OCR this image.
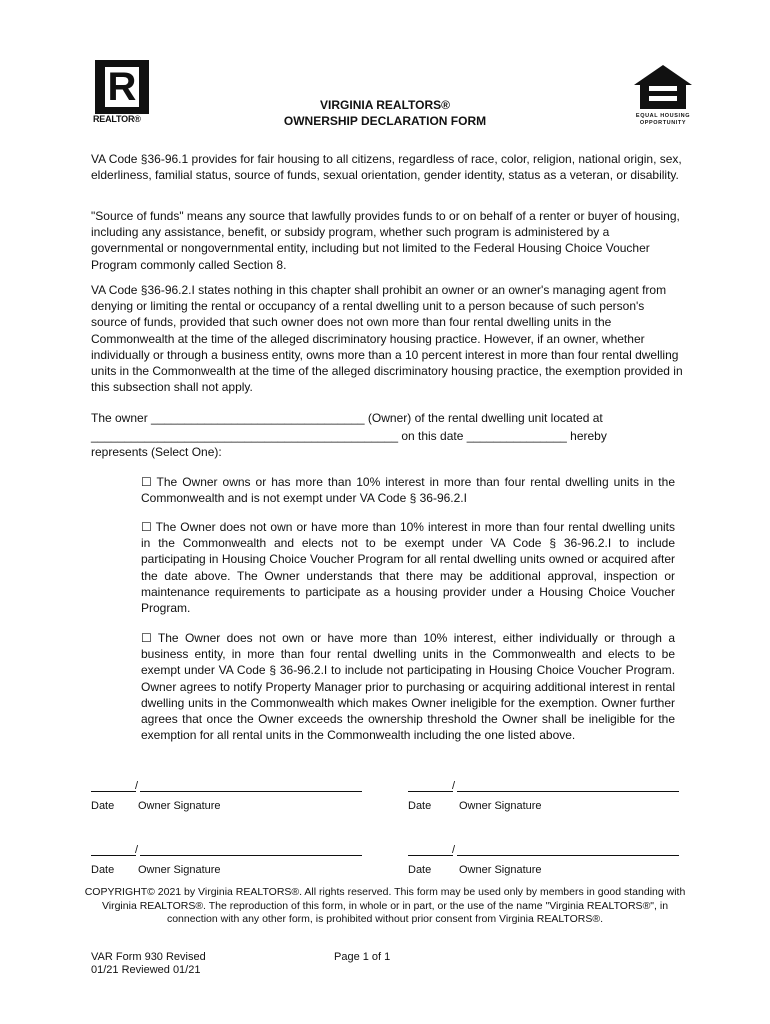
R
REALTOR®	EQUAL HOUSING
OPPORTUNITY
VIRGINIA REALTORS®
OWNERSHIP DECLARATION FORM
VA Code §36-96.1 provides for fair housing to all citizens, regardless of race, color, religion, national origin, sex, elderliness, familial status, source of funds, sexual orientation, gender identity, status as a veteran, or disability.
"Source of funds" means any source that lawfully provides funds to or on behalf of a renter or buyer of housing, including any assistance, benefit, or subsidy program, whether such program is administered by a governmental or nongovernmental entity, including but not limited to the Federal Housing Choice Voucher Program commonly called Section 8.
VA Code §36-96.2.I states nothing in this chapter shall prohibit an owner or an owner's managing agent from denying or limiting the rental or occupancy of a rental dwelling unit to a person because of such person's source of funds, provided that such owner does not own more than four rental dwelling units in the Commonwealth at the time of the alleged discriminatory housing practice. However, if an owner, whether individually or through a business entity, owns more than a 10 percent interest in more than four rental dwelling units in the Commonwealth at the time of the alleged discriminatory housing practice, the exemption provided in this subsection shall not apply.
The owner ________________________________ (Owner) of the rental dwelling unit located at
______________________________________________ on this date _______________ hereby
represents (Select One):
☐ The Owner owns or has more than 10% interest in more than four rental dwelling units in the Commonwealth and is not exempt under VA Code § 36-96.2.I
☐ The Owner does not own or have more than 10% interest in more than four rental dwelling units in the Commonwealth and elects not to be exempt under VA Code § 36-96.2.I to include participating in Housing Choice Voucher Program for all rental dwelling units owned or acquired after the date above. The Owner understands that there may be additional approval, inspection or maintenance requirements to participate as a housing provider under a Housing Choice Voucher Program.
☐ The Owner does not own or have more than 10% interest, either individually or through a business entity, in more than four rental dwelling units in the Commonwealth and elects to be exempt under VA Code § 36-96.2.I to include not participating in Housing Choice Voucher Program. Owner agrees to notify Property Manager prior to purchasing or acquiring additional interest in rental dwelling units in the Commonwealth which makes Owner ineligible for the exemption. Owner further agrees that once the Owner exceeds the ownership threshold the Owner shall be ineligible for the exemption for all rental units in the Commonwealth including the one listed above.
/	/
Date Owner Signature	Date	Owner Signature
/	/
Date Owner Signature	Date	Owner Signature
COPYRIGHT© 2021 by Virginia REALTORS®. All rights reserved. This form may be used only by members in good standing with Virginia REALTORS®. The reproduction of this form, in whole or in part, or the use of the name "Virginia REALTORS®", in connection with any other form, is prohibited without prior consent from Virginia REALTORS®.
VAR Form 930 Revised
01/21 Reviewed 01/21
Page 1 of 1
